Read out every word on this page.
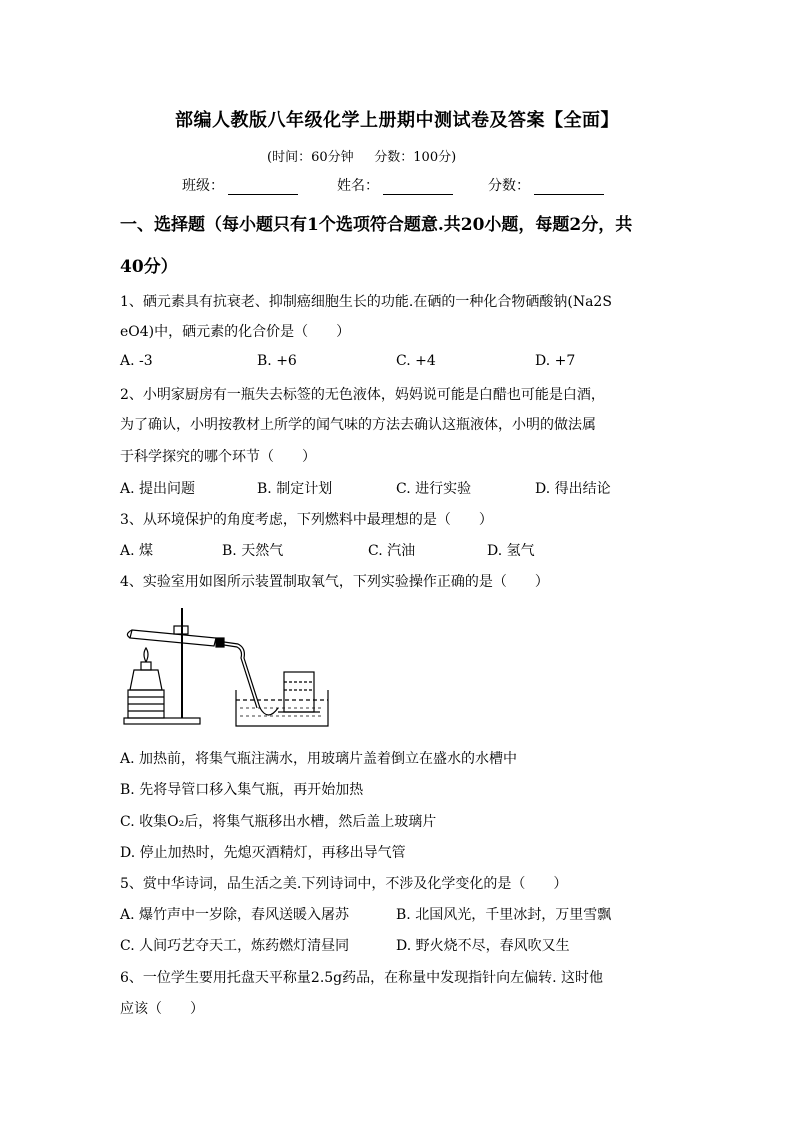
部编人教版八年级化学上册期中测试卷及答案【全面】
(时间：60分钟     分数：100分)
班级：	姓名：	分数：
一、选择题（每小题只有1个选项符合题意.共20小题，每题2分，共
40分）
1、硒元素具有抗衰老、抑制癌细胞生长的功能.在硒的一种化合物硒酸钠(Na2S
eO4)中，硒元素的化合价是（　　）
A. -3	B. +6	C. +4	D. +7
2、小明家厨房有一瓶失去标签的无色液体，妈妈说可能是白醋也可能是白酒，
为了确认，小明按教材上所学的闻气味的方法去确认这瓶液体，小明的做法属
于科学探究的哪个环节（　　）
A. 提出问题	B. 制定计划	C. 进行实验	D. 得出结论
3、从环境保护的角度考虑，下列燃料中最理想的是（　　）
A. 煤	B. 天然气	C. 汽油	D. 氢气
4、实验室用如图所示装置制取氧气，下列实验操作正确的是（　　）
A. 加热前，将集气瓶注满水，用玻璃片盖着倒立在盛水的水槽中
B. 先将导管口移入集气瓶，再开始加热
C. 收集O₂后，将集气瓶移出水槽，然后盖上玻璃片
D. 停止加热时，先熄灭酒精灯，再移出导气管
5、赏中华诗词，品生活之美.下列诗词中，不涉及化学变化的是（　　）
A. 爆竹声中一岁除，春风送暖入屠苏	B. 北国风光，千里冰封，万里雪飘
C. 人间巧艺夺天工，炼药燃灯清昼同	D. 野火烧不尽，春风吹又生
6、一位学生要用托盘天平称量2.5g药品，在称量中发现指针向左偏转. 这时他
应该（　　）
